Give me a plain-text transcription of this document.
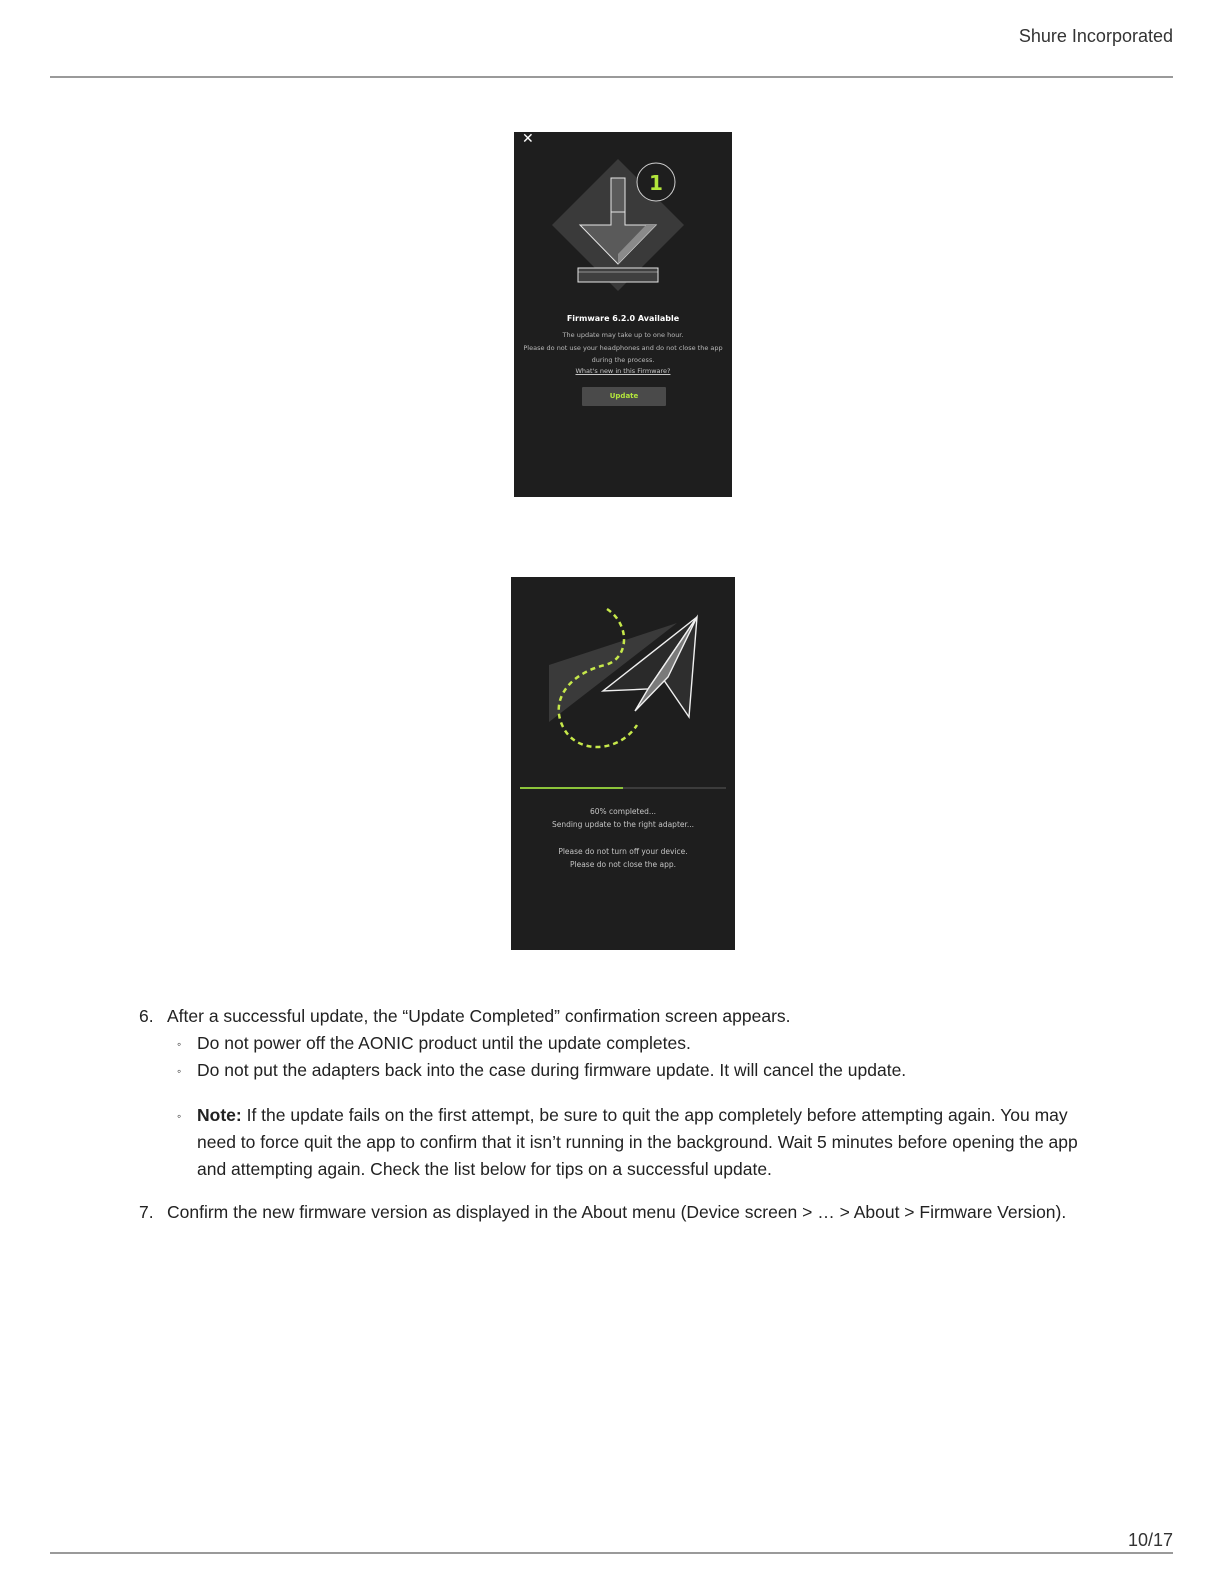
Shure Incorporated
✕
1
Firmware 6.2.0 Available
The update may take up to one hour.
Please do not use your headphones and do not close the app
during the process.
What's new in this Firmware?
Update
60% completed...
Sending update to the right adapter...
Please do not turn off your device.
Please do not close the app.
6. After a successful update, the “Update Completed” confirmation screen appears.
◦ Do not power off the AONIC product until the update completes.
◦ Do not put the adapters back into the case during firmware update. It will cancel the update.
◦ Note: If the update fails on the first attempt, be sure to quit the app completely before attempting again. You may
need to force quit the app to confirm that it isn’t running in the background. Wait 5 minutes before opening the app
and attempting again. Check the list below for tips on a successful update.
7. Confirm the new firmware version as displayed in the About menu (Device screen > … > About > Firmware Version).
10/17
